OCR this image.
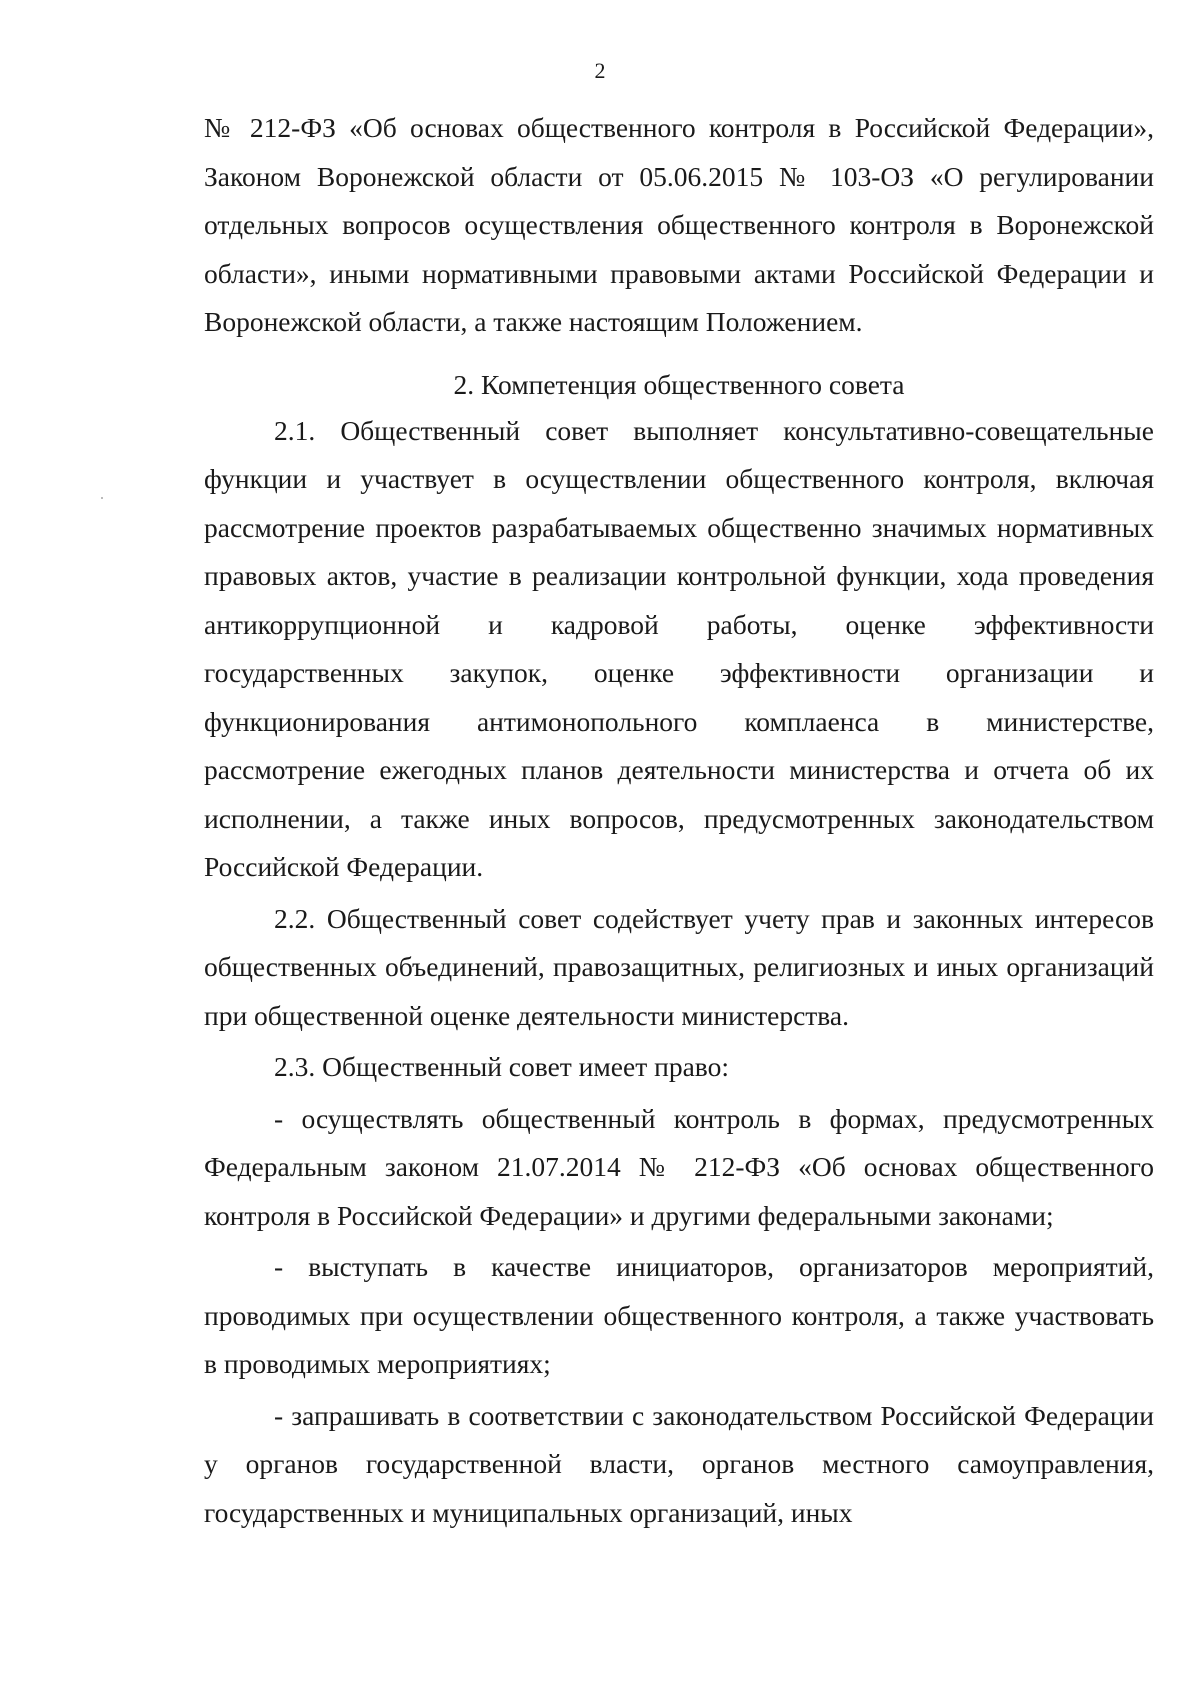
2

№ 212-ФЗ «Об основах общественного контроля в Российской Федерации», Законом Воронежской области от 05.06.2015 № 103-ОЗ «О регулировании отдельных вопросов осуществления общественного контроля в Воронежской области», иными нормативными правовыми актами Российской Федерации и Воронежской области, а также настоящим Положением.

2. Компетенция общественного совета

2.1. Общественный совет выполняет консультативно-совещательные функции и участвует в осуществлении общественного контроля, включая рассмотрение проектов разрабатываемых общественно значимых нормативных правовых актов, участие в реализации контрольной функции, хода проведения антикоррупционной и кадровой работы, оценке эффективности государственных закупок, оценке эффективности организации и функционирования антимонопольного комплаенса в министерстве, рассмотрение ежегодных планов деятельности министерства и отчета об их исполнении, а также иных вопросов, предусмотренных законодательством Российской Федерации.

2.2. Общественный совет содействует учету прав и законных интересов общественных объединений, правозащитных, религиозных и иных организаций при общественной оценке деятельности министерства.

2.3. Общественный совет имеет право:

- осуществлять общественный контроль в формах, предусмотренных Федеральным законом 21.07.2014 № 212-ФЗ «Об основах общественного контроля в Российской Федерации» и другими федеральными законами;

- выступать в качестве инициаторов, организаторов мероприятий, проводимых при осуществлении общественного контроля, а также участвовать в проводимых мероприятиях;

- запрашивать в соответствии с законодательством Российской Федерации у органов государственной власти, органов местного самоуправления, государственных и муниципальных организаций, иных
